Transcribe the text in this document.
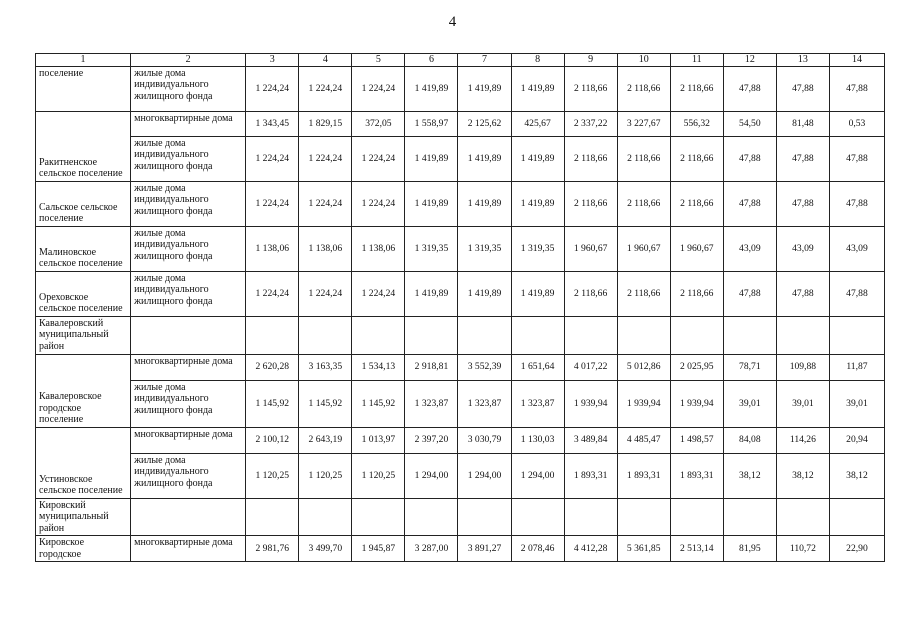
4
1	2	3	4	5	6	7	8	9	10	11	12	13	14
поселение	жилые дома индивидуального жилищного фонда	1 224,24	1 224,24	1 224,24	1 419,89	1 419,89	1 419,89	2 118,66	2 118,66	2 118,66	47,88	47,88	47,88
Ракитненское сельское поселение	многоквартирные дома	1 343,45	1 829,15	372,05	1 558,97	2 125,62	425,67	2 337,22	3 227,67	556,32	54,50	81,48	0,53
	жилые дома индивидуального жилищного фонда	1 224,24	1 224,24	1 224,24	1 419,89	1 419,89	1 419,89	2 118,66	2 118,66	2 118,66	47,88	47,88	47,88
Сальское сельское поселение	жилые дома индивидуального жилищного фонда	1 224,24	1 224,24	1 224,24	1 419,89	1 419,89	1 419,89	2 118,66	2 118,66	2 118,66	47,88	47,88	47,88
Малиновское сельское поселение	жилые дома индивидуального жилищного фонда	1 138,06	1 138,06	1 138,06	1 319,35	1 319,35	1 319,35	1 960,67	1 960,67	1 960,67	43,09	43,09	43,09
Ореховское сельское поселение	жилые дома индивидуального жилищного фонда	1 224,24	1 224,24	1 224,24	1 419,89	1 419,89	1 419,89	2 118,66	2 118,66	2 118,66	47,88	47,88	47,88
Кавалеровский муниципальный район													
Кавалеровское городское поселение	многоквартирные дома	2 620,28	3 163,35	1 534,13	2 918,81	3 552,39	1 651,64	4 017,22	5 012,86	2 025,95	78,71	109,88	11,87
	жилые дома индивидуального жилищного фонда	1 145,92	1 145,92	1 145,92	1 323,87	1 323,87	1 323,87	1 939,94	1 939,94	1 939,94	39,01	39,01	39,01
Устиновское сельское поселение	многоквартирные дома	2 100,12	2 643,19	1 013,97	2 397,20	3 030,79	1 130,03	3 489,84	4 485,47	1 498,57	84,08	114,26	20,94
	жилые дома индивидуального жилищного фонда	1 120,25	1 120,25	1 120,25	1 294,00	1 294,00	1 294,00	1 893,31	1 893,31	1 893,31	38,12	38,12	38,12
Кировский муниципальный район													
Кировское городское	многоквартирные дома	2 981,76	3 499,70	1 945,87	3 287,00	3 891,27	2 078,46	4 412,28	5 361,85	2 513,14	81,95	110,72	22,90
